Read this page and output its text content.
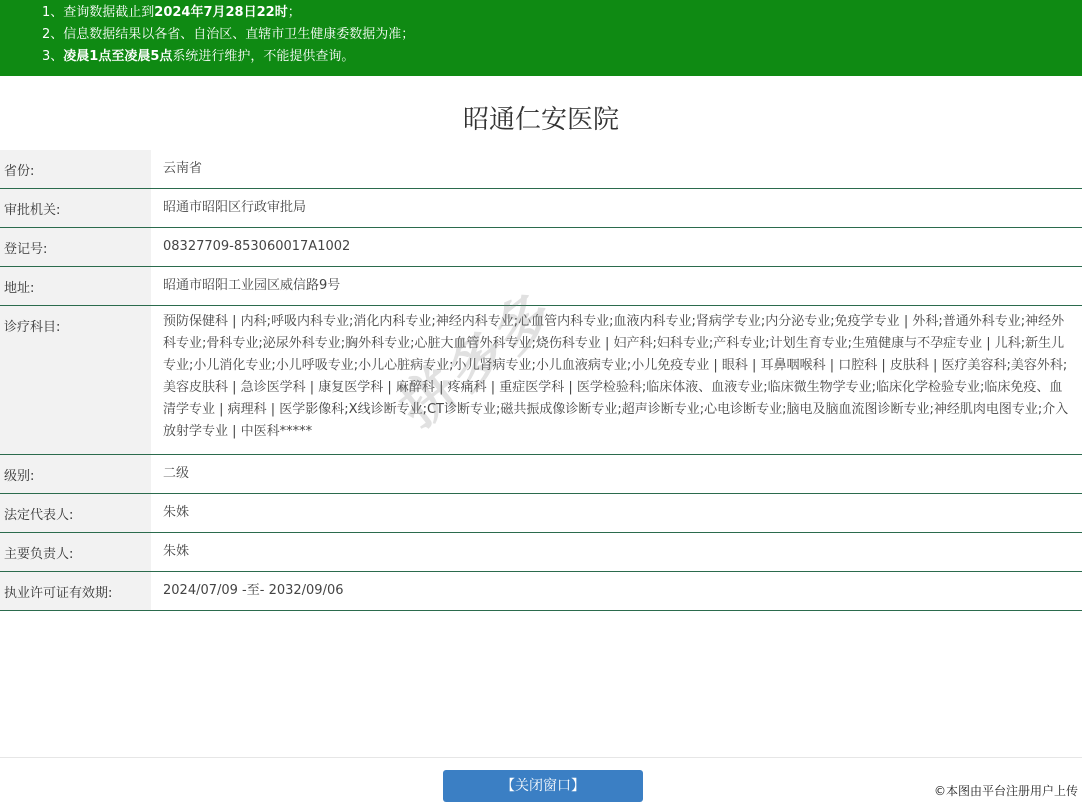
1、查询数据截止到2024年7月28日22时；
2、信息数据结果以各省、自治区、直辖市卫生健康委数据为准；
3、凌晨1点至凌晨5点系统进行维护，不能提供查询。
昭通仁安医院
省份:	云南省
审批机关:	昭通市昭阳区行政审批局
登记号:	08327709-853060017A1002
地址:	昭通市昭阳工业园区威信路9号
诊疗科目:	预防保健科 | 内科;呼吸内科专业;消化内科专业;神经内科专业;心血管内科专业;血液内科专业;肾病学专业;内分泌专业;免疫学专业 | 外科;普通外科专业;神经外科专业;骨科专业;泌尿外科专业;胸外科专业;心脏大血管外科专业;烧伤科专业 | 妇产科;妇科专业;产科专业;计划生育专业;生殖健康与不孕症专业 | 儿科;新生儿专业;小儿消化专业;小儿呼吸专业;小儿心脏病专业;小儿肾病专业;小儿血液病专业;小儿免疫专业 | 眼科 | 耳鼻咽喉科 | 口腔科 | 皮肤科 | 医疗美容科;美容外科;美容皮肤科 | 急诊医学科 | 康复医学科 | 麻醉科 | 疼痛科 | 重症医学科 | 医学检验科;临床体液、血液专业;临床微生物学专业;临床化学检验专业;临床免疫、血清学专业 | 病理科 | 医学影像科;X线诊断专业;CT诊断专业;磁共振成像诊断专业;超声诊断专业;心电诊断专业;脑电及脑血流图诊断专业;神经肌肉电图专业;介入放射学专业 | 中医科*****
级别:	二级
法定代表人:	朱姝
主要负责人:	朱姝
执业许可证有效期:	2024/07/09 -至- 2032/09/06
拼多多
【关闭窗口】	©本图由平台注册用户上传
